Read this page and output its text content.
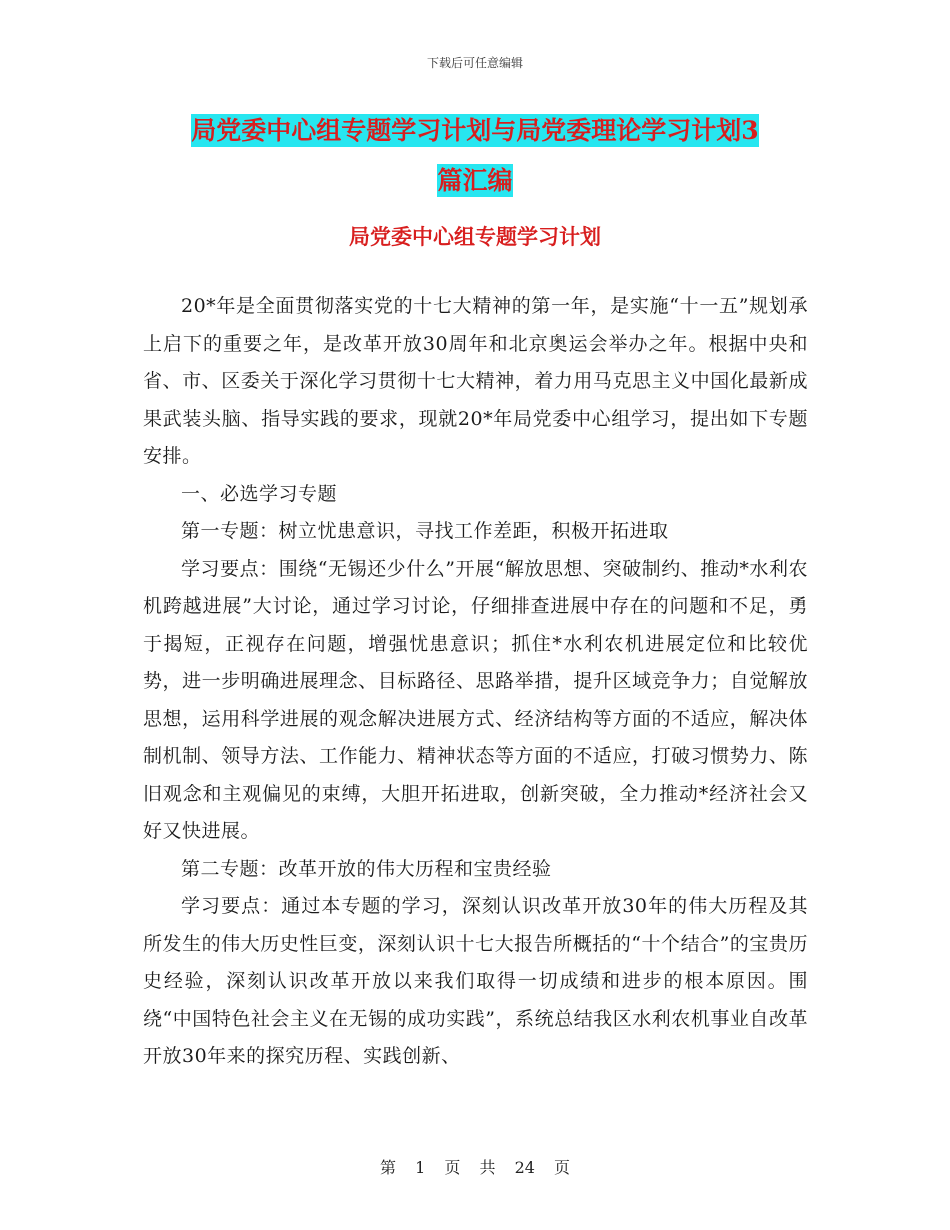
下载后可任意编辑
局党委中心组专题学习计划与局党委理论学习计划3
篇汇编
局党委中心组专题学习计划

20*年是全面贯彻落实党的十七大精神的第一年，是实施“十一五”规划承上启下的重要之年，是改革开放30周年和北京奥运会举办之年。根据中央和省、市、区委关于深化学习贯彻十七大精神，着力用马克思主义中国化最新成果武装头脑、指导实践的要求，现就20*年局党委中心组学习，提出如下专题安排。

一、必选学习专题

第一专题：树立忧患意识，寻找工作差距，积极开拓进取

学习要点：围绕“无锡还少什么”开展“解放思想、突破制约、推动*水利农机跨越进展”大讨论，通过学习讨论，仔细排查进展中存在的问题和不足，勇于揭短，正视存在问题，增强忧患意识；抓住*水利农机进展定位和比较优势，进一步明确进展理念、目标路径、思路举措，提升区域竞争力；自觉解放思想，运用科学进展的观念解决进展方式、经济结构等方面的不适应，解决体制机制、领导方法、工作能力、精神状态等方面的不适应，打破习惯势力、陈旧观念和主观偏见的束缚，大胆开拓进取，创新突破，全力推动*经济社会又好又快进展。

第二专题：改革开放的伟大历程和宝贵经验

学习要点：通过本专题的学习，深刻认识改革开放30年的伟大历程及其所发生的伟大历史性巨变，深刻认识十七大报告所概括的“十个结合”的宝贵历史经验，深刻认识改革开放以来我们取得一切成绩和进步的根本原因。围绕“中国特色社会主义在无锡的成功实践”，系统总结我区水利农机事业自改革开放30年来的探究历程、实践创新、

第 1 页 共 24 页
